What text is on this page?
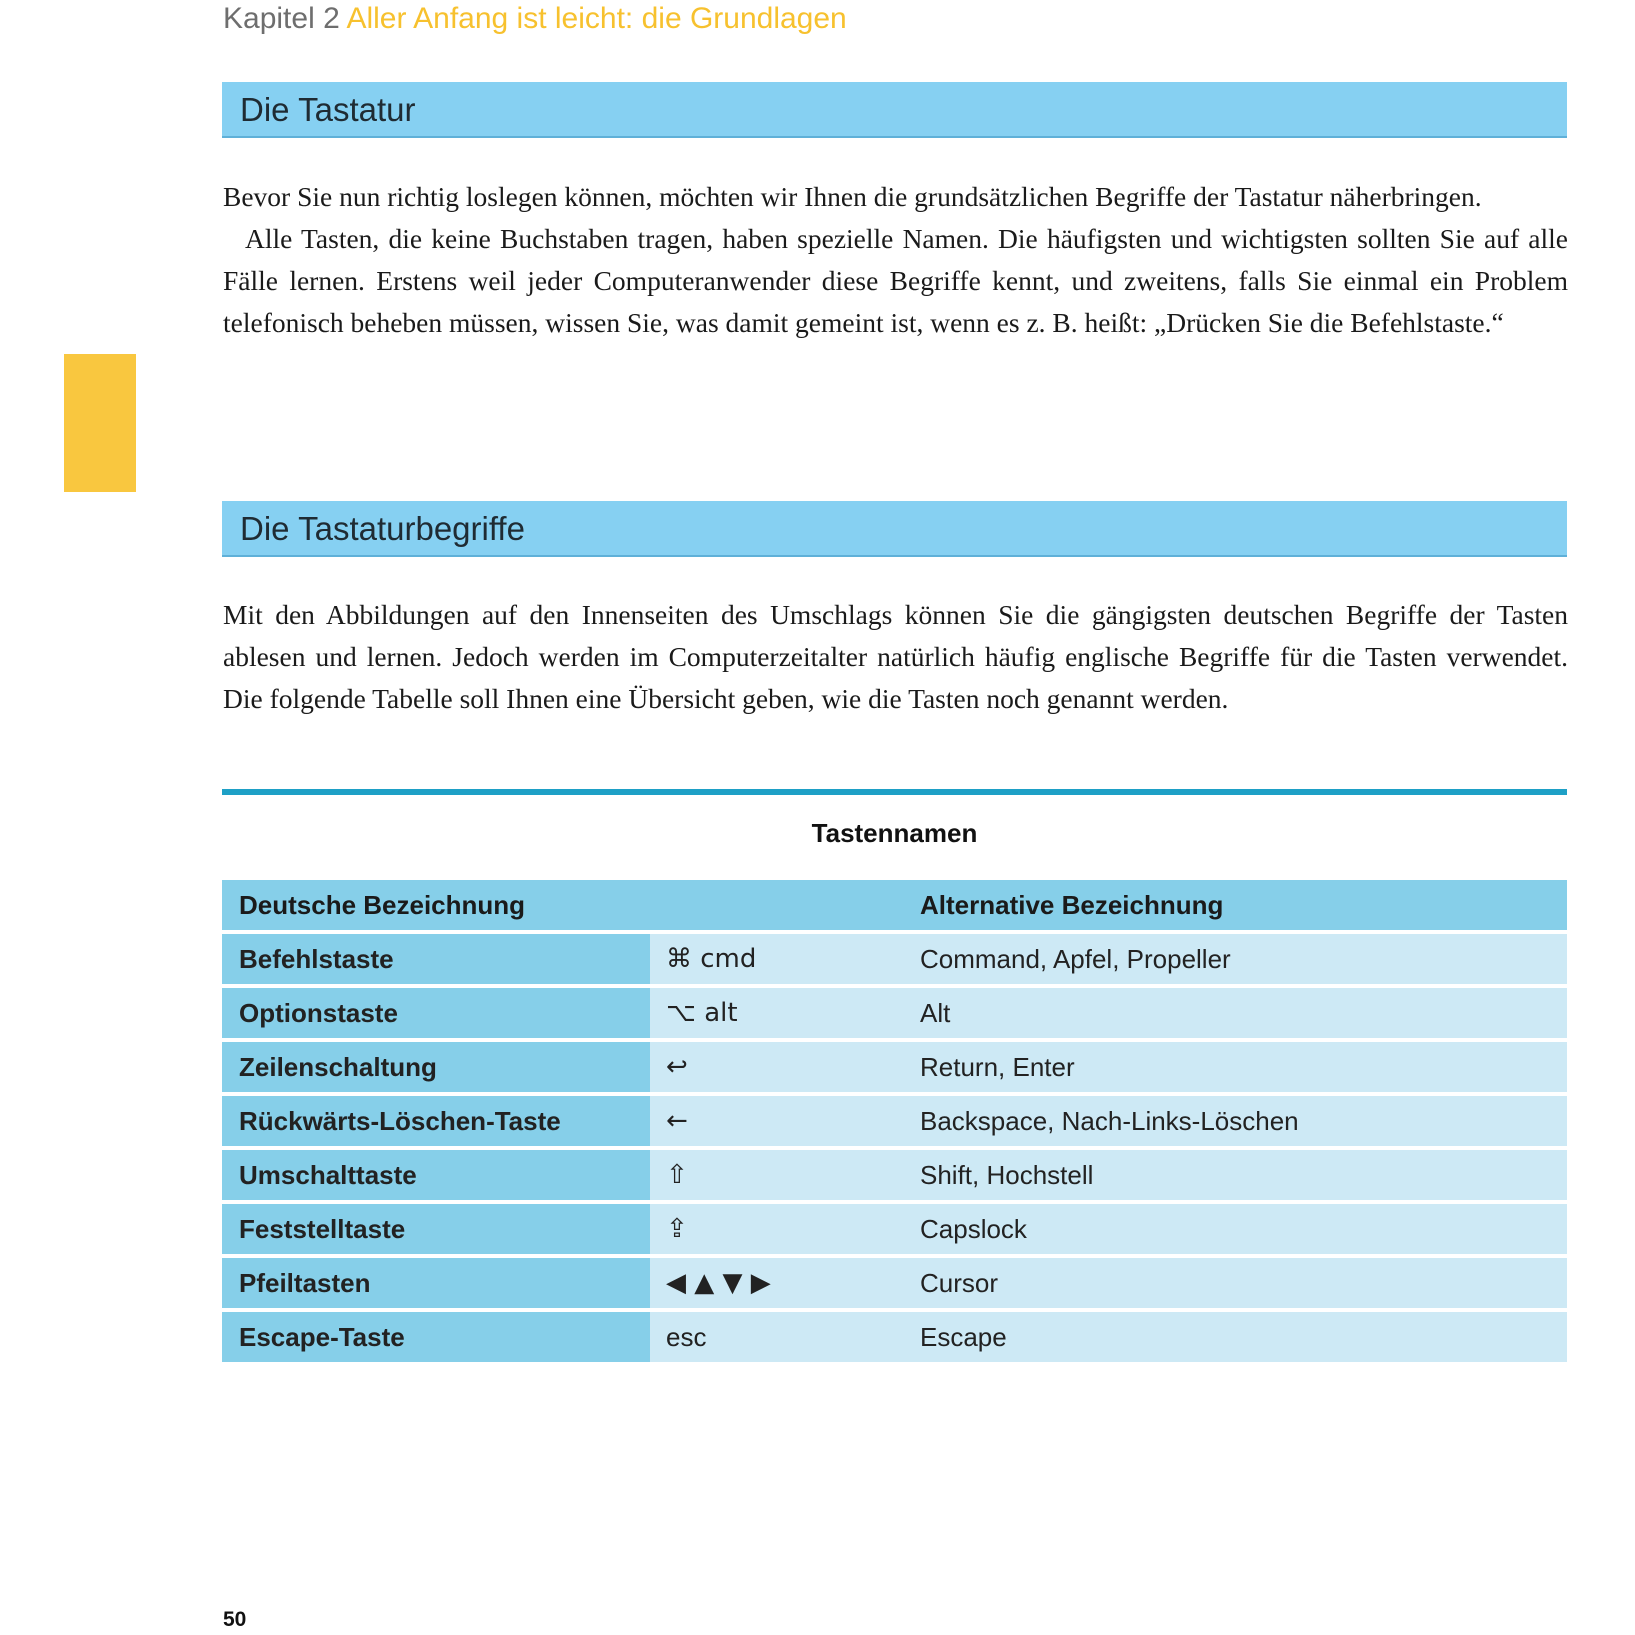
Kapitel 2 Aller Anfang ist leicht: die Grundlagen
Die Tastatur

Bevor Sie nun richtig loslegen können, möchten wir Ihnen die grundsätzlichen Begriffe der Tastatur näherbringen.

Alle Tasten, die keine Buchstaben tragen, haben spezielle Namen. Die häufigsten und wichtigsten sollten Sie auf alle Fälle lernen. Erstens weil jeder Computeranwender diese Begriffe kennt, und zweitens, falls Sie einmal ein Problem telefonisch beheben müssen, wissen Sie, was damit gemeint ist, wenn es z. B. heißt: „Drücken Sie die Befehlstaste.“

Die Tastaturbegriffe

Mit den Abbildungen auf den Innenseiten des Umschlags können Sie die gängigsten deutschen Begriffe der Tasten ablesen und lernen. Jedoch werden im Computerzeitalter natürlich häufig englische Begriffe für die Tasten verwendet. Die folgende Tabelle soll Ihnen eine Übersicht geben, wie die Tasten noch genannt werden.

Tastennamen
Deutsche Bezeichnung		Alternative Bezeichnung
Befehlstaste	⌘ cmd	Command, Apfel, Propeller
Optionstaste	⌥ alt	Alt
Zeilenschaltung	↩	Return, Enter
Rückwärts-Löschen-Taste	←	Backspace, Nach-Links-Löschen
Umschalttaste	⇧	Shift, Hochstell
Feststelltaste	⇪	Capslock
Pfeiltasten	◀ ▲ ▼ ▶	Cursor
Escape-Taste	esc	Escape
50
